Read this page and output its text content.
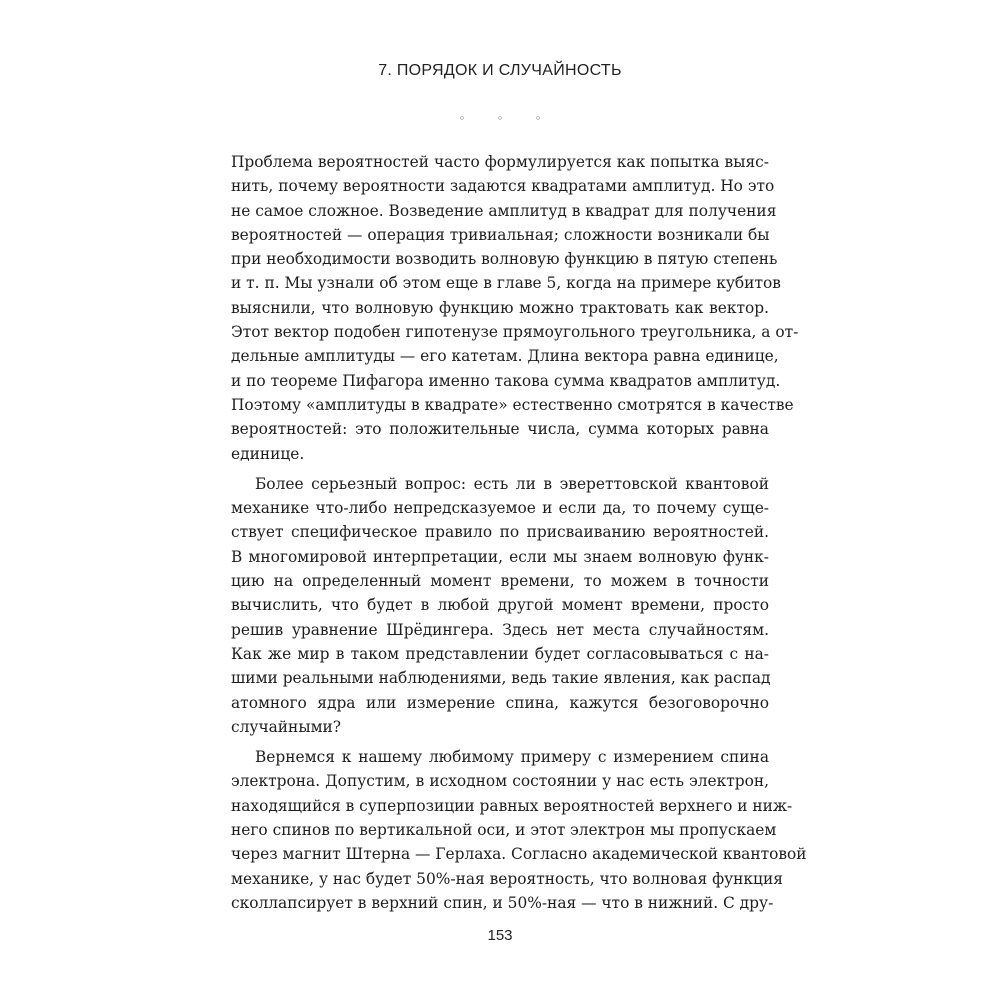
7. ПОРЯДОК И СЛУЧАЙНОСТЬ
◦ ◦ ◦
Проблема вероятностей часто формулируется как попытка выяс-
нить, почему вероятности задаются квадратами амплитуд. Но это
не самое сложное. Возведение амплитуд в квадрат для получения
вероятностей — операция тривиальная; сложности возникали бы
при необходимости возводить волновую функцию в пятую степень
и т. п. Мы узнали об этом еще в главе 5, когда на примере кубитов
выяснили, что волновую функцию можно трактовать как вектор.
Этот вектор подобен гипотенузе прямоугольного треугольника, а от-
дельные амплитуды — его катетам. Длина вектора равна единице,
и по теореме Пифагора именно такова сумма квадратов амплитуд.
Поэтому «амплитуды в квадрате» естественно смотрятся в качестве
вероятностей: это положительные числа, сумма которых равна
единице.
Более серьезный вопрос: есть ли в эвереттовской квантовой
механике что-либо непредсказуемое и если да, то почему суще-
ствует специфическое правило по присваиванию вероятностей.
В многомировой интерпретации, если мы знаем волновую функ-
цию на определенный момент времени, то можем в точности
вычислить, что будет в любой другой момент времени, просто
решив уравнение Шрёдингера. Здесь нет места случайностям.
Как же мир в таком представлении будет согласовываться с на-
шими реальными наблюдениями, ведь такие явления, как распад
атомного ядра или измерение спина, кажутся безоговорочно
случайными?
Вернемся к нашему любимому примеру с измерением спина
электрона. Допустим, в исходном состоянии у нас есть электрон,
находящийся в суперпозиции равных вероятностей верхнего и ниж-
него спинов по вертикальной оси, и этот электрон мы пропускаем
через магнит Штерна — Герлаха. Согласно академической квантовой
механике, у нас будет 50%-ная вероятность, что волновая функция
сколлапсирует в верхний спин, и 50%-ная — что в нижний. С дру-
153
